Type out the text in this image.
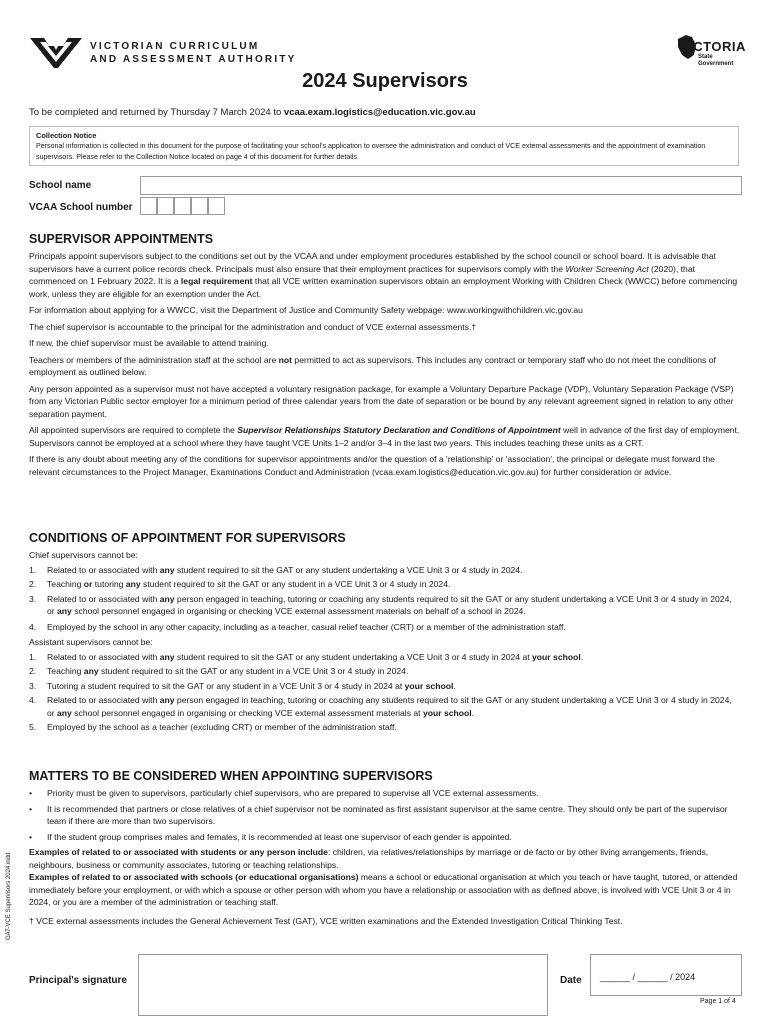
VICTORIAN CURRICULUM
AND ASSESSMENT AUTHORITY
VICTORIA
State
Government
2024 Supervisors
To be completed and returned by Thursday 7 March 2024 to vcaa.exam.logistics@education.vic.gov.au
Collection Notice
Personal information is collected in this document for the purpose of facilitating your school's application to oversee the administration and conduct of VCE external assessments and the appointment of examination supervisors. Please refer to the Collection Notice located on page 4 of this document for further details.
School name
VCAA School number
SUPERVISOR APPOINTMENTS
Principals appoint supervisors subject to the conditions set out by the VCAA and under employment procedures established by the school council or school board. It is advisable that supervisors have a current police records check. Principals must also ensure that their employment practices for supervisors comply with the Worker Screening Act (2020), that commenced on 1 February 2022. It is a legal requirement that all VCE written examination supervisors obtain an employment Working with Children Check (WWCC) before commencing work, unless they are eligible for an exemption under the Act.
For information about applying for a WWCC, visit the Department of Justice and Community Safety webpage: www.workingwithchildren.vic.gov.au
The chief supervisor is accountable to the principal for the administration and conduct of VCE external assessments.†
If new, the chief supervisor must be available to attend training.
Teachers or members of the administration staff at the school are not permitted to act as supervisors. This includes any contract or temporary staff who do not meet the conditions of employment as outlined below.
Any person appointed as a supervisor must not have accepted a voluntary resignation package, for example a Voluntary Departure Package (VDP), Voluntary Separation Package (VSP) from any Victorian Public sector employer for a minimum period of three calendar years from the date of separation or be bound by any relevant agreement signed in relation to any other separation payment.
All appointed supervisors are required to complete the Supervisor Relationships Statutory Declaration and Conditions of Appointment well in advance of the first day of employment. Supervisors cannot be employed at a school where they have taught VCE Units 1–2 and/or 3–4 in the last two years. This includes teaching these units as a CRT.
If there is any doubt about meeting any of the conditions for supervisor appointments and/or the question of a 'relationship' or 'association', the principal or delegate must forward the relevant circumstances to the Project Manager, Examinations Conduct and Administration (vcaa.exam.logistics@education.vic.gov.au) for further consideration or advice.
CONDITIONS OF APPOINTMENT FOR SUPERVISORS
Chief supervisors cannot be:
1. Related to or associated with any student required to sit the GAT or any student undertaking a VCE Unit 3 or 4 study in 2024.
2. Teaching or tutoring any student required to sit the GAT or any student in a VCE Unit 3 or 4 study in 2024.
3. Related to or associated with any person engaged in teaching, tutoring or coaching any students required to sit the GAT or any student undertaking a VCE Unit 3 or 4 study in 2024, or any school personnel engaged in organising or checking VCE external assessment materials on behalf of a school in 2024.
4. Employed by the school in any other capacity, including as a teacher, casual relief teacher (CRT) or a member of the administration staff.
Assistant supervisors cannot be:
1. Related to or associated with any student required to sit the GAT or any student undertaking a VCE Unit 3 or 4 study in 2024 at your school.
2. Teaching any student required to sit the GAT or any student in a VCE Unit 3 or 4 study in 2024.
3. Tutoring a student required to sit the GAT or any student in a VCE Unit 3 or 4 study in 2024 at your school.
4. Related to or associated with any person engaged in teaching, tutoring or coaching any students required to sit the GAT or any student undertaking a VCE Unit 3 or 4 study in 2024, or any school personnel engaged in organising or checking VCE external assessment materials at your school.
5. Employed by the school as a teacher (excluding CRT) or member of the administration staff.
MATTERS TO BE CONSIDERED WHEN APPOINTING SUPERVISORS
• Priority must be given to supervisors, particularly chief supervisors, who are prepared to supervise all VCE external assessments.
• It is recommended that partners or close relatives of a chief supervisor not be nominated as first assistant supervisor at the same centre. They should only be part of the supervisor team if there are more than two supervisors.
• If the student group comprises males and females, it is recommended at least one supervisor of each gender is appointed.
Examples of related to or associated with students or any person include: children, via relatives/relationships by marriage or de facto or by other living arrangements, friends, neighbours, business or community associates, tutoring or teaching relationships.
Examples of related to or associated with schools (or educational organisations) means a school or educational organisation at which you teach or have taught, tutored, or attended immediately before your employment, or with which a spouse or other person with whom you have a relationship or association with as defined above, is involved with VCE Unit 3 or 4 in 2024, or you are a member of the administration or teaching staff.
† VCE external assessments includes the General Achievement Test (GAT), VCE written examinations and the Extended Investigation Critical Thinking Test.
Principal's signature	Date ______ / ______ / 2024
Page 1 of 4
GAT-VCE Supervisors 2024.indd
